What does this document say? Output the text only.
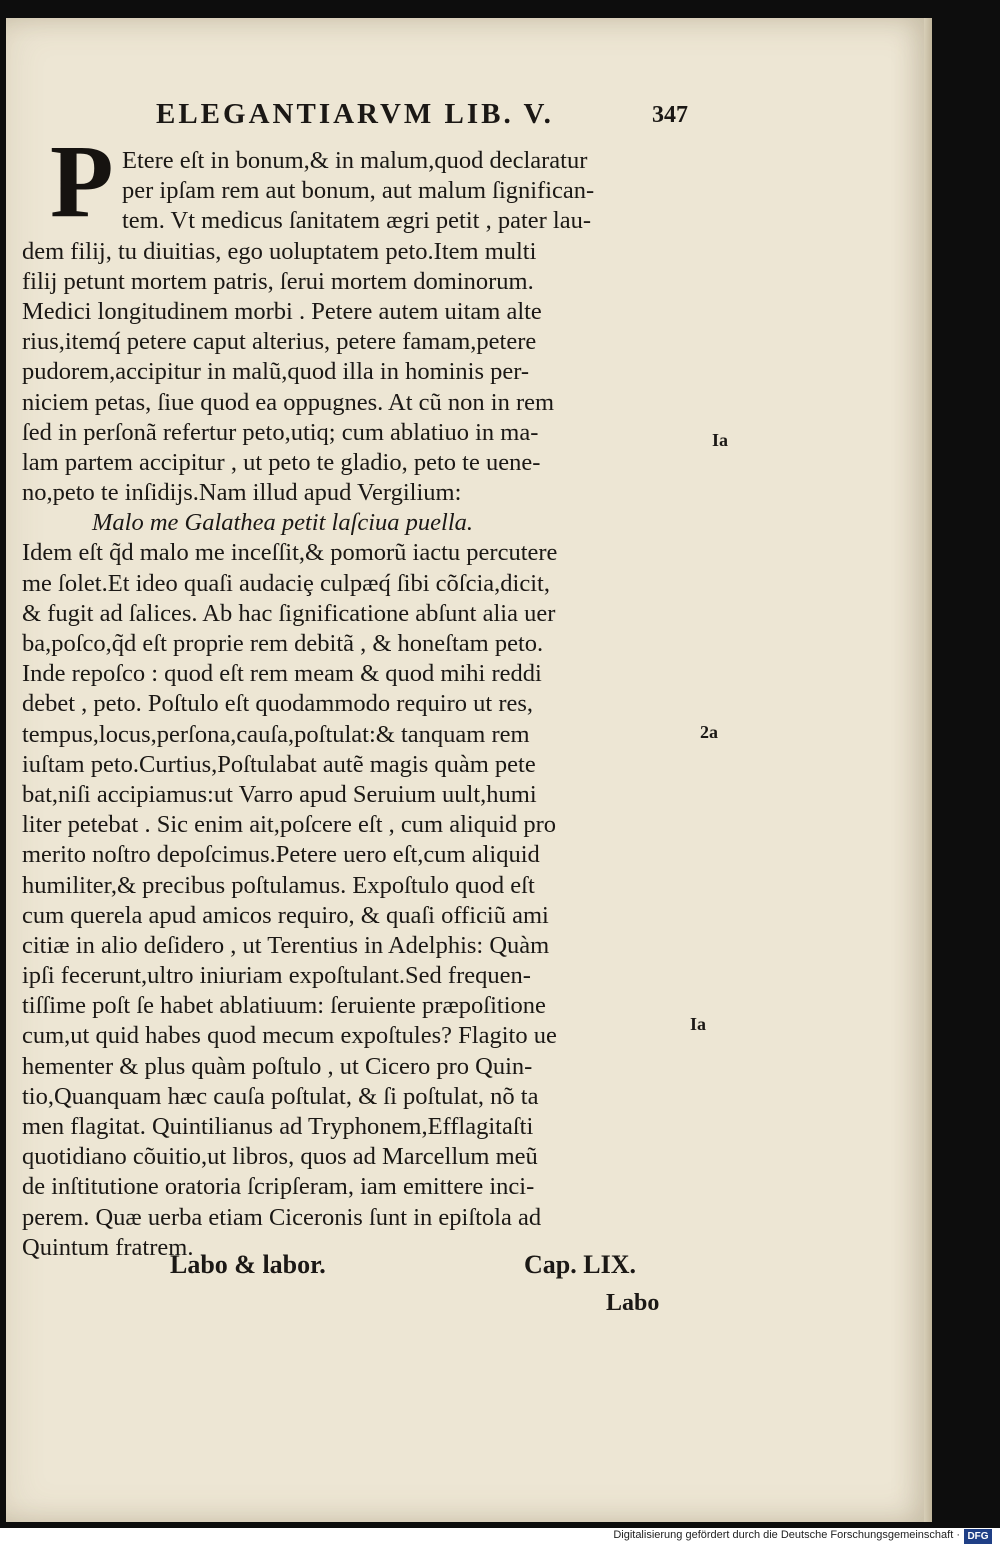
ELEGANTIARVM LIB. V.	347
P Etere eſt in bonum,& in malum,quod declaratur
per ipſam rem aut bonum, aut malum ſignifican-
tem. Vt medicus ſanitatem ægri petit , pater lau-
dem filij, tu diuitias, ego uoluptatem peto.Item multi
filij petunt mortem patris, ſerui mortem dominorum.
Medici longitudinem morbi . Petere autem uitam alte
rius,itemq́ petere caput alterius, petere famam,petere
pudorem,accipitur in malũ,quod illa in hominis per-
niciem petas, ſiue quod ea oppugnes. At cũ non in rem
ſed in perſonã refertur peto,utiq; cum ablatiuo in ma-
lam partem accipitur , ut peto te gladio, peto te uene-
no,peto te inſidijs.Nam illud apud Vergilium:
Malo me Galathea petit laſciua puella.
Idem eſt q̃d malo me inceſſit,& pomorũ iactu percutere
me ſolet.Et ideo quaſi audaciȩ culpæq́ ſibi cõſcia,dicit,
& fugit ad ſalices. Ab hac ſignificatione abſunt alia uer
ba,poſco,q̃d eſt proprie rem debitã , & honeſtam peto.
Inde repoſco : quod eſt rem meam & quod mihi reddi
debet , peto. Poſtulo eſt quodammodo requiro ut res,
tempus,locus,perſona,cauſa,poſtulat:& tanquam rem
iuſtam peto.Curtius,Poſtulabat autẽ magis quàm pete
bat,niſi accipiamus:ut Varro apud Seruium uult,humi
liter petebat . Sic enim ait,poſcere eſt , cum aliquid pro
merito noſtro depoſcimus.Petere uero eſt,cum aliquid
humiliter,& precibus poſtulamus. Expoſtulo quod eſt
cum querela apud amicos requiro, & quaſi officiũ ami
citiæ in alio deſidero , ut Terentius in Adelphis: Quàm
ipſi fecerunt,ultro iniuriam expoſtulant.Sed frequen-
tiſſime poſt ſe habet ablatiuum: ſeruiente præpoſitione
cum,ut quid habes quod mecum expoſtules? Flagito ue
hementer & plus quàm poſtulo , ut Cicero pro Quin-
tio,Quanquam hæc cauſa poſtulat, & ſi poſtulat, nõ ta
men flagitat. Quintilianus ad Tryphonem,Efflagitaſti
quotidiano cõuitio,ut libros, quos ad Marcellum meũ
de inſtitutione oratoria ſcripſeram, iam emittere inci-
perem. Quæ uerba etiam Ciceronis ſunt in epiſtola ad
Quintum fratrem.
Ia
2a
Ia
Labo & labor.	Cap. LIX.
Labo
Digitalisierung gefördert durch die Deutsche Forschungsgemeinschaft · DFG
